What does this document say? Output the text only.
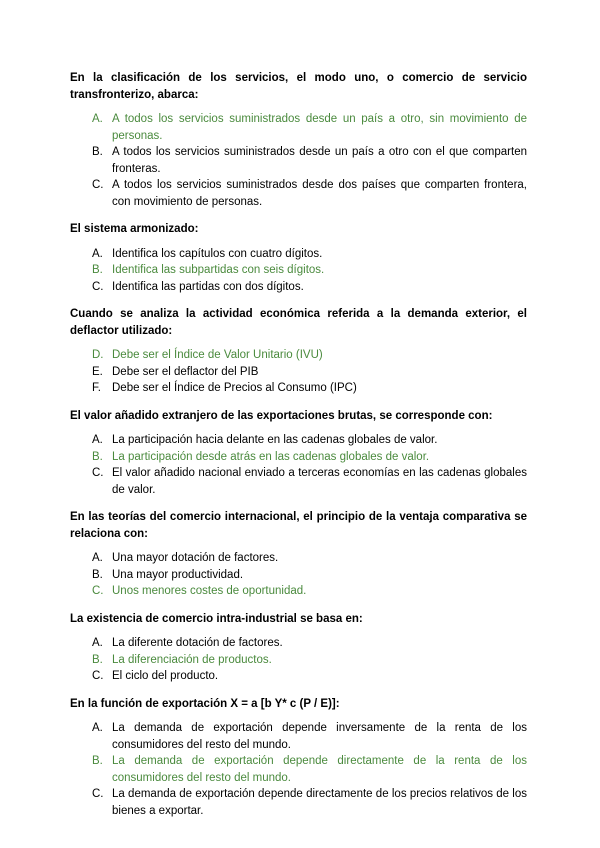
En la clasificación de los servicios, el modo uno, o comercio de servicio transfronterizo, abarca:
A. A todos los servicios suministrados desde un país a otro, sin movimiento de personas.
B. A todos los servicios suministrados desde un país a otro con el que comparten fronteras.
C. A todos los servicios suministrados desde dos países que comparten frontera, con movimiento de personas.
El sistema armonizado:
A. Identifica los capítulos con cuatro dígitos.
B. Identifica las subpartidas con seis dígitos.
C. Identifica las partidas con dos dígitos.
Cuando se analiza la actividad económica referida a la demanda exterior, el deflactor utilizado:
D. Debe ser el Índice de Valor Unitario (IVU)
E. Debe ser el deflactor del PIB
F. Debe ser el Índice de Precios al Consumo (IPC)
El valor añadido extranjero de las exportaciones brutas, se corresponde con:
A. La participación hacia delante en las cadenas globales de valor.
B. La participación desde atrás en las cadenas globales de valor.
C. El valor añadido nacional enviado a terceras economías en las cadenas globales de valor.
En las teorías del comercio internacional, el principio de la ventaja comparativa se relaciona con:
A. Una mayor dotación de factores.
B. Una mayor productividad.
C. Unos menores costes de oportunidad.
La existencia de comercio intra-industrial se basa en:
A. La diferente dotación de factores.
B. La diferenciación de productos.
C. El ciclo del producto.
En la función de exportación X = a [b Y* c (P / E)]:
A. La demanda de exportación depende inversamente de la renta de los consumidores del resto del mundo.
B. La demanda de exportación depende directamente de la renta de los consumidores del resto del mundo.
C. La demanda de exportación depende directamente de los precios relativos de los bienes a exportar.
